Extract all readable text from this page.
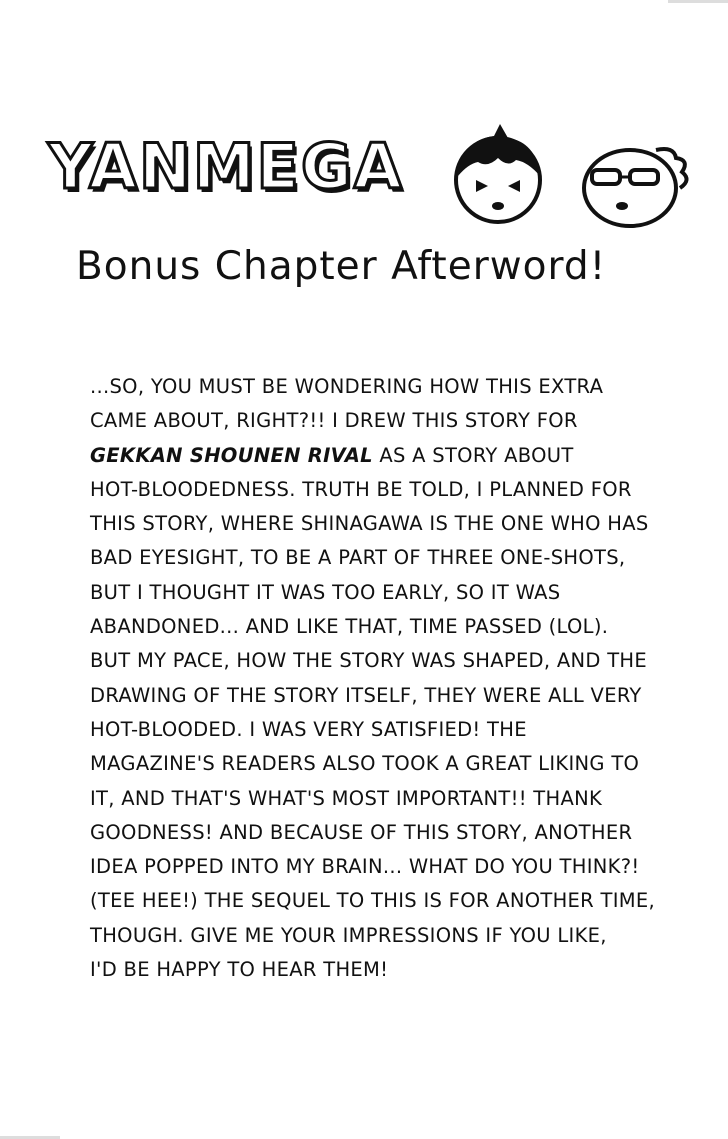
YANMEGA
Bonus Chapter Afterword!
...SO, YOU MUST BE WONDERING HOW THIS EXTRA
CAME ABOUT, RIGHT?!! I DREW THIS STORY FOR
GEKKAN SHOUNEN RIVAL AS A STORY ABOUT
HOT-BLOODEDNESS. TRUTH BE TOLD, I PLANNED FOR
THIS STORY, WHERE SHINAGAWA IS THE ONE WHO HAS
BAD EYESIGHT, TO BE A PART OF THREE ONE-SHOTS,
BUT I THOUGHT IT WAS TOO EARLY, SO IT WAS
ABANDONED... AND LIKE THAT, TIME PASSED (LOL).
BUT MY PACE, HOW THE STORY WAS SHAPED, AND THE
DRAWING OF THE STORY ITSELF, THEY WERE ALL VERY
HOT-BLOODED. I WAS VERY SATISFIED! THE
MAGAZINE'S READERS ALSO TOOK A GREAT LIKING TO
IT, AND THAT'S WHAT'S MOST IMPORTANT!! THANK
GOODNESS! AND BECAUSE OF THIS STORY, ANOTHER
IDEA POPPED INTO MY BRAIN... WHAT DO YOU THINK?!
(TEE HEE!) THE SEQUEL TO THIS IS FOR ANOTHER TIME,
THOUGH. GIVE ME YOUR IMPRESSIONS IF YOU LIKE,
I'D BE HAPPY TO HEAR THEM!
